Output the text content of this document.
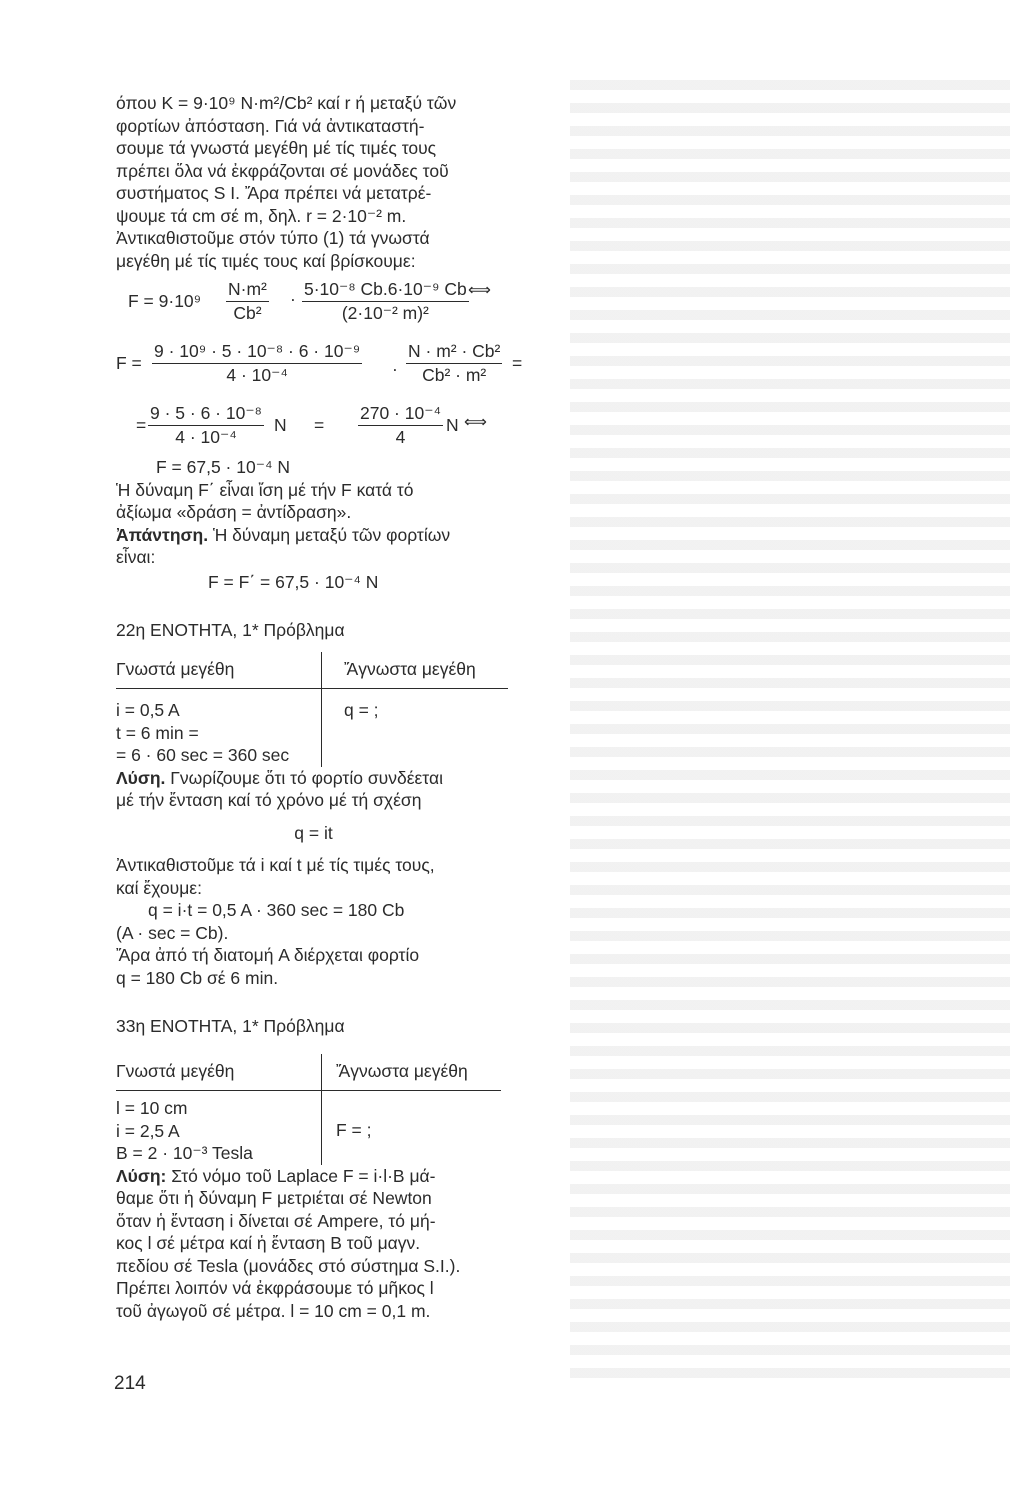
όπου K = 9·10⁹ N·m²/Cb² καί r ή μεταξύ τῶν
φορτίων ἀπόσταση. Γιά νά ἀντικαταστή-
σουμε τά γνωστά μεγέθη μέ τίς τιμές τους
πρέπει ὅλα νά ἐκφράζονται σέ μονάδες τοῦ
συστήματος S I. Ἄρα πρέπει νά μετατρέ-
ψουμε τά cm σέ m, δηλ. r = 2·10⁻² m.

Ἀντικαθιστοῦμε στόν τύπο (1) τά γνωστά
μεγέθη μέ τίς τιμές τους καί βρίσκουμε:

$F = 9\cdot 10^9 \frac{\text{N·m²}}{\text{Cb²}} \cdot \frac{\text{5·10⁻⁸ Cb.6·10⁻⁹ Cb}}{\text{(2·10⁻² m)²}}$ ⟺
$F = \frac{\text{9 · 10⁹ · 5 · 10⁻⁸ · 6 · 10⁻⁹}}{\text{4 · 10⁻⁴}} \cdot \frac{\text{N · m² · Cb²}}{\text{Cb² · m²}}$ =
= $\frac{\text{9 · 5 · 6 · 10⁻⁸}}{\text{4 · 10⁻⁴}}$ $N = \frac{\text{270 · 10⁻⁴}}{4}$ N ⟺
F = 67,5 · 10⁻⁴ N

Ἡ δύναμη F΄ εἶναι ἴση μέ τήν F κατά τό
ἀξίωμα «δράση = ἀντίδραση».

Ἀπάντηση. Ἡ δύναμη μεταξύ τῶν φορτίων
εἶναι:
F = F΄ = 67,5 · 10⁻⁴ N

22η ΕΝΟΤΗΤΑ, 1* Πρόβλημα
Γνωστά μεγέθη	Ἄγνωστα μεγέθη

i = 0,5 A
t = 6 min =
= 6 · 60 sec = 360 sec	q = ;

Λύση. Γνωρίζουμε ὅτι τό φορτίο συνδέεται
μέ τήν ἔνταση καί τό χρόνο μέ τή σχέση

q = it

Ἀντικαθιστοῦμε τά i καί t μέ τίς τιμές τους,
καί ἔχουμε:
q = i·t = 0,5 A · 360 sec = 180 Cb
(A · sec = Cb).
Ἄρα ἀπό τή διατομή A διέρχεται φορτίο
q = 180 Cb σέ 6 min.

33η ΕΝΟΤΗΤΑ, 1* Πρόβλημα
Γνωστά μεγέθη	Ἄγνωστα μεγέθη

l = 10 cm
i = 2,5 A
B = 2 · 10⁻³ Tesla	F = ;

Λύση: Στό νόμο τοῦ Laplace F = i·l·B μά-
θαμε ὅτι ἡ δύναμη F μετριέται σέ Newton
ὅταν ἡ ἔνταση i δίνεται σέ Ampere, τό μή-
κος l σέ μέτρα καί ἡ ἔνταση B τοῦ μαγν.
πεδίου σέ Tesla (μονάδες στό σύστημα S.I.).
Πρέπει λοιπόν νά ἐκφράσουμε τό μῆκος l
τοῦ ἀγωγοῦ σέ μέτρα. l = 10 cm = 0,1 m.

214
